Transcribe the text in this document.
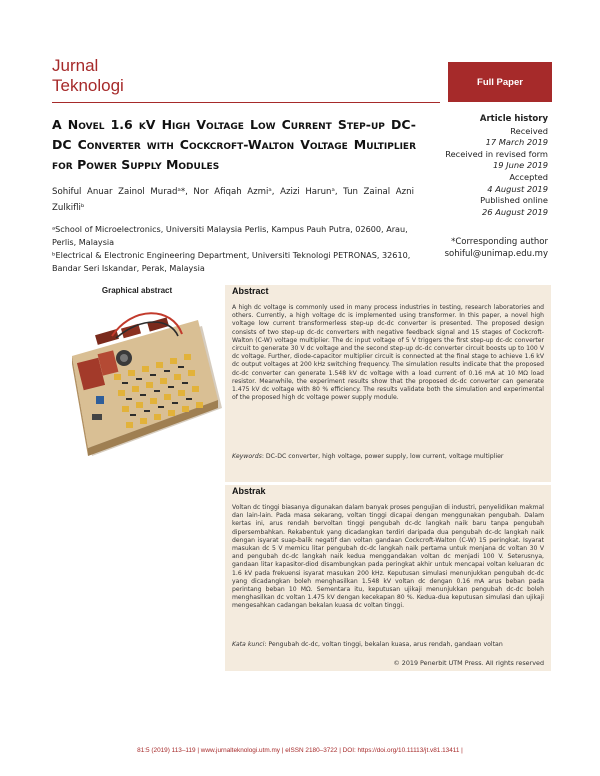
Jurnal
Teknologi	Full Paper
A Novel 1.6 kV High Voltage Low Current Step-up DC-DC Converter with Cockcroft-Walton Voltage Multiplier for Power Supply Modules
Sohiful Anuar Zainol Muradᵃ*, Nor Afiqah Azmiᵃ, Azizi Harunᵃ, Tun Zainal Azni Zulkifliᵇ

ᵃSchool of Microelectronics, Universiti Malaysia Perlis, Kampus Pauh Putra, 02600, Arau, Perlis, Malaysia

ᵇElectrical & Electronic Engineering Department, Universiti Teknologi PETRONAS, 32610, Bandar Seri Iskandar, Perak, Malaysia

Article history
Received
17 March 2019
Received in revised form
19 June 2019
Accepted
4 August 2019
Published online
26 August 2019
*Corresponding author
sohiful@unimap.edu.my
Graphical abstract	Abstract

A high dc voltage is commonly used in many process industries in testing, research laboratories and others. Currently, a high voltage dc is implemented using transformer. In this paper, a novel high voltage low current transformerless step-up dc-dc converter is presented. The proposed design consists of two step-up dc-dc converters with negative feedback signal and 15 stages of Cockcroft-Walton (C-W) voltage multiplier. The dc input voltage of 5 V triggers the first step-up dc-dc converter circuit to generate 30 V dc voltage and the second step-up dc-dc converter circuit boosts up to 100 V dc voltage. Further, diode-capacitor multiplier circuit is connected at the final stage to achieve 1.6 kV dc output voltages at 200 kHz switching frequency. The simulation results indicate that the proposed dc-dc converter can generate 1.548 kV dc voltage with a load current of 0.16 mA at 10 MΩ load resistor. Meanwhile, the experiment results show that the proposed dc-dc converter can generate 1.475 kV dc voltage with 80 % efficiency. The results validate both the simulation and experimental of the proposed high dc voltage power supply module.

Keywords: DC-DC converter, high voltage, power supply, low current, voltage multiplier

Abstrak

Voltan dc tinggi biasanya digunakan dalam banyak proses pengujian di industri, penyelidikan makmal dan lain-lain. Pada masa sekarang, voltan tinggi dicapai dengan menggunakan pengubah. Dalam kertas ini, arus rendah bervoltan tinggi pengubah dc-dc langkah naik baru tanpa pengubah dipersembahkan. Rekabentuk yang dicadangkan terdiri daripada dua pengubah dc-dc langkah naik dengan isyarat suap-balik negatif dan voltan gandaan Cockcroft-Walton (C-W) 15 peringkat. Isyarat masukan dc 5 V memicu litar pengubah dc-dc langkah naik pertama untuk menjana dc voltan 30 V and pengubah dc-dc langkah naik kedua menggandakan voltan dc menjadi 100 V. Seterusnya, gandaan litar kapasitor-diod disambungkan pada peringkat akhir untuk mencapai voltan keluaran dc 1.6 kV pada frekuensi isyarat masukan 200 kHz. Keputusan simulasi menunjukkan pengubah dc-dc yang dicadangkan boleh menghasilkan 1.548 kV voltan dc dengan 0.16 mA arus beban pada perintang beban 10 MΩ. Sementara itu, keputusan ujikaji menunjukkan pengubah dc-dc boleh menghasilkan dc voltan 1.475 kV dengan kecekapan 80 %. Kedua-dua keputusan simulasi dan ujikaji mengesahkan cadangan bekalan kuasa dc voltan tinggi.

Kata kunci: Pengubah dc-dc, voltan tinggi, bekalan kuasa, arus rendah, gandaan voltan

© 2019 Penerbit UTM Press. All rights reserved
81:5 (2019) 113–119 | www.jurnalteknologi.utm.my | eISSN 2180–3722 | DOI: https://doi.org/10.11113/jt.v81.13411 |
